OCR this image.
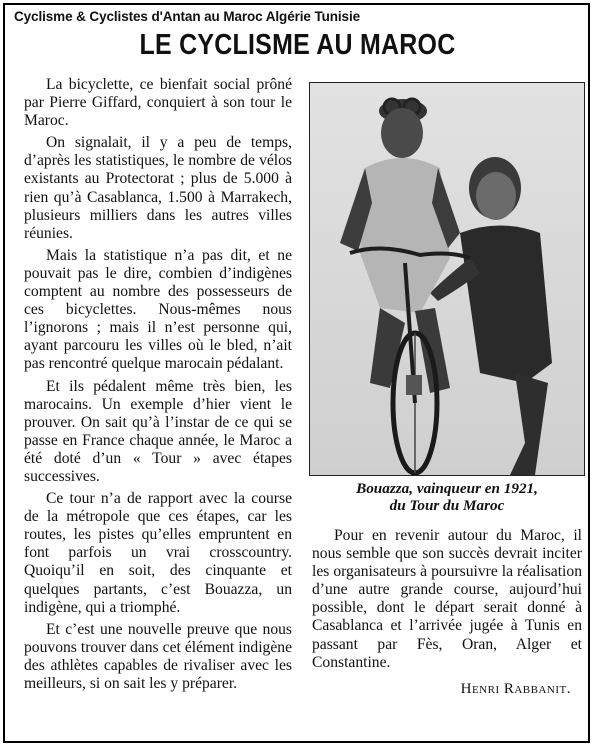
Cyclisme & Cyclistes d'Antan au Maroc Algérie Tunisie
LE CYCLISME AU MAROC

La bicyclette, ce bienfait social prôné par Pierre Giffard, conquiert à son tour le Maroc.

On signalait, il y a peu de temps, d’après les statistiques, le nombre de vélos existants au Protectorat ; plus de 5.000 à rien qu’à Casablanca, 1.500 à Marrakech, plusieurs milliers dans les autres villes réunies.

Mais la statistique n’a pas dit, et ne pouvait pas le dire, combien d’indigènes comptent au nombre des possesseurs de ces bicyclettes. Nous-mêmes nous l’ignorons ; mais il n’est personne qui, ayant parcouru les villes où le bled, n’ait pas rencontré quelque marocain pédalant.

Et ils pédalent même très bien, les marocains. Un exemple d’hier vient le prouver. On sait qu’à l’instar de ce qui se passe en France chaque année, le Maroc a été doté d’un « Tour » avec étapes successives.

Ce tour n’a de rapport avec la course de la métropole que ces étapes, car les routes, les pistes qu’elles empruntent en font parfois un vrai crosscountry. Quoiqu’il en soit, des cinquante et quelques partants, c’est Bouazza, un indigène, qui a triomphé.

Et c’est une nouvelle preuve que nous pouvons trouver dans cet élément indigène des athlètes capables de rivaliser avec les meilleurs, si on sait les y préparer.

Bouazza, vainqueur en 1921,
du Tour du Maroc

Pour en revenir autour du Maroc, il nous semble que son succès devrait inciter les organisateurs à poursuivre la réalisation d’une autre grande course, aujourd’hui possible, dont le départ serait donné à Casablanca et l’arrivée jugée à Tunis en passant par Fès, Oran, Alger et Constantine.

Henri Rabbanit.
